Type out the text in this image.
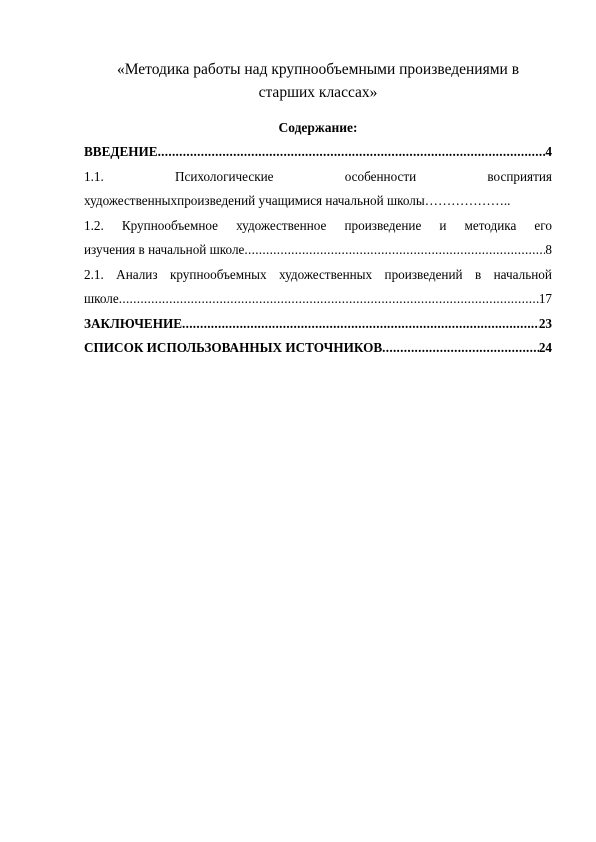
«Методика работы над крупнообъемными произведениями в
старших классах»
Содержание:
ВВЕДЕНИЕ .....	4
1.1.	Психологические	особенности	восприятия
художественныхпроизведений учащимися начальной школы………………..
1.2. Крупнообъемное художественное произведение и методика его
изучения в начальной школе .....	8
2.1. Анализ крупнообъемных художественных произведений в начальной
школе .....	17
ЗАКЛЮЧЕНИЕ .....	23
СПИСОК ИСПОЛЬЗОВАННЫХ ИСТОЧНИКОВ .....	24
